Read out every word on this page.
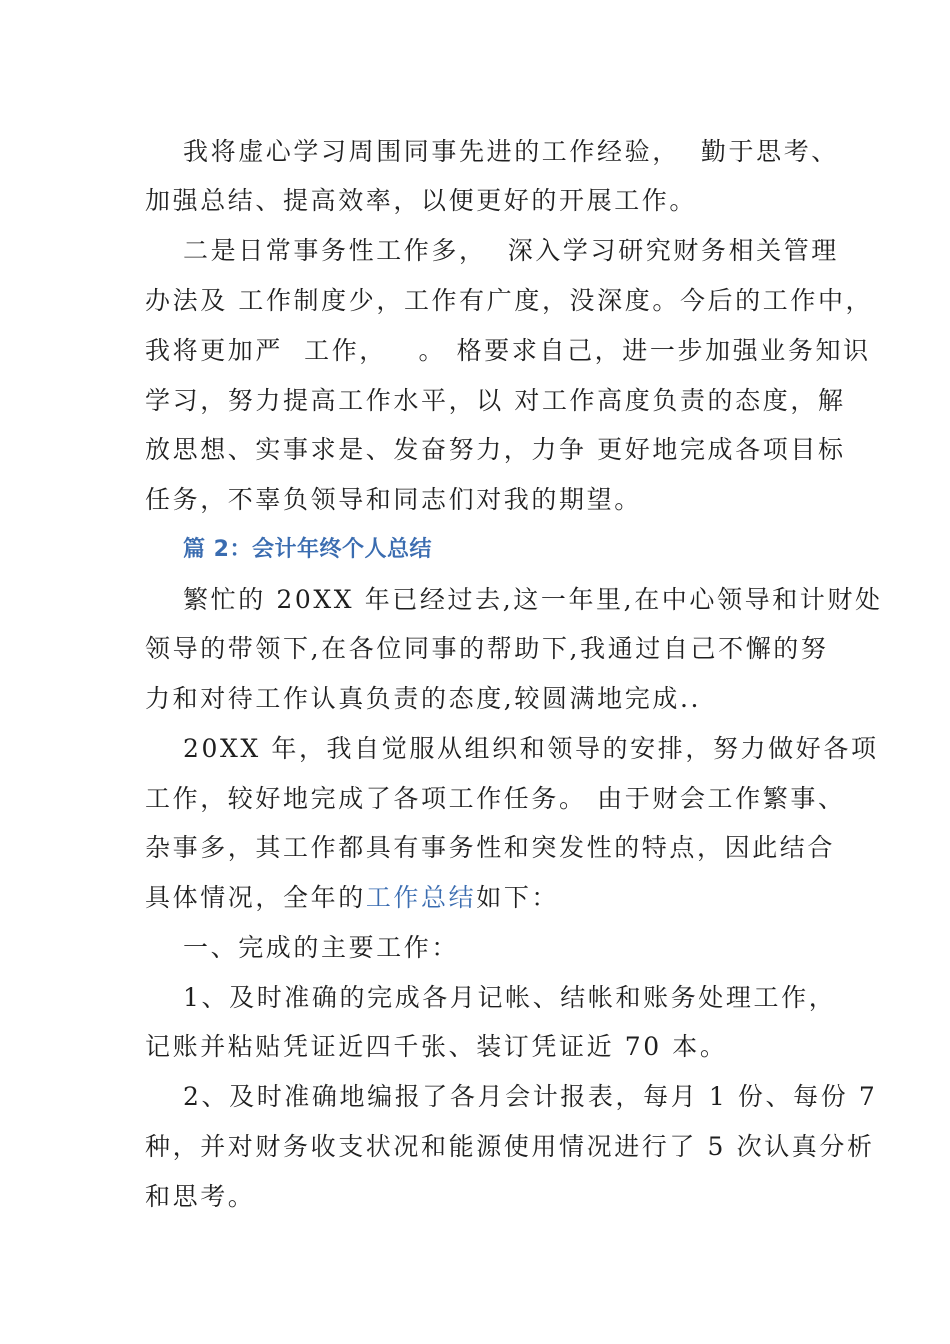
我将虚心学习周围同事先进的工作经验，  勤于思考、
加强总结、提高效率，以便更好的开展工作。
二是日常事务性工作多，  深入学习研究财务相关管理
办法及 工作制度少，工作有广度，没深度。今后的工作中，
我将更加严  工作，   。 格要求自己，进一步加强业务知识
学习，努力提高工作水平，以 对工作高度负责的态度，解
放思想、实事求是、发奋努力，力争 更好地完成各项目标
任务，不辜负领导和同志们对我的期望。
篇 2：会计年终个人总结
繁忙的 20XX 年已经过去,这一年里,在中心领导和计财处
领导的带领下,在各位同事的帮助下,我通过自己不懈的努
力和对待工作认真负责的态度,较圆满地完成..
20XX 年，我自觉服从组织和领导的安排，努力做好各项
工作，较好地完成了各项工作任务。 由于财会工作繁事、
杂事多，其工作都具有事务性和突发性的特点，因此结合
具体情况，全年的工作总结如下：
一、完成的主要工作：
1、及时准确的完成各月记帐、结帐和账务处理工作，
记账并粘贴凭证近四千张、装订凭证近 70 本。
2、及时准确地编报了各月会计报表，每月 1 份、每份 7
种，并对财务收支状况和能源使用情况进行了 5 次认真分析
和思考。
